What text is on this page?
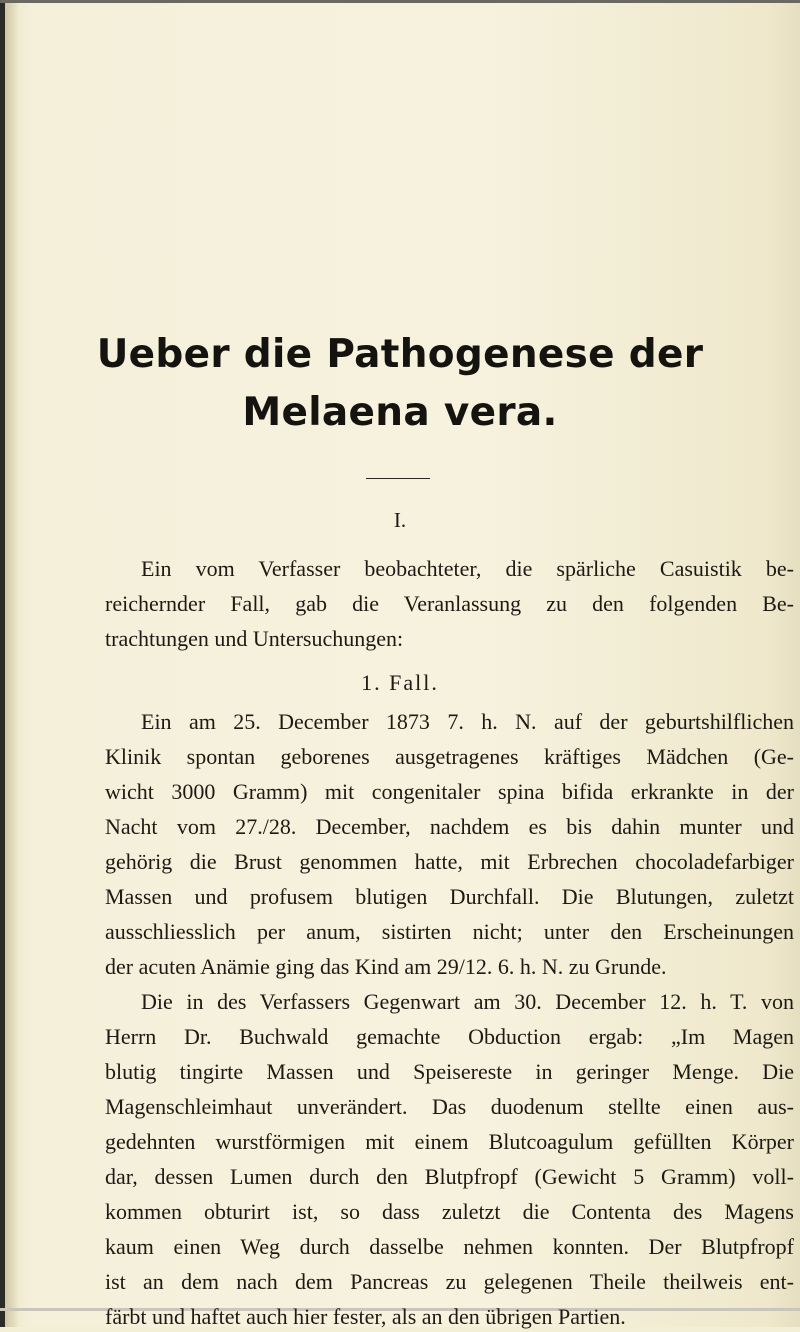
Ueber die Pathogenese der
Melaena vera.
I.
Ein vom Verfasser beobachteter, die spärliche Casuistik be-
reichernder Fall, gab die Veranlassung zu den folgenden Be-
trachtungen und Untersuchungen:
1. Fall.
Ein am 25. December 1873 7. h. N. auf der geburtshilflichen
Klinik spontan geborenes ausgetragenes kräftiges Mädchen (Ge-
wicht 3000 Gramm) mit congenitaler spina bifida erkrankte in der
Nacht vom 27./28. December, nachdem es bis dahin munter und
gehörig die Brust genommen hatte, mit Erbrechen chocoladefarbiger
Massen und profusem blutigen Durchfall. Die Blutungen, zuletzt
ausschliesslich per anum, sistirten nicht; unter den Erscheinungen
der acuten Anämie ging das Kind am 29/12. 6. h. N. zu Grunde.
Die in des Verfassers Gegenwart am 30. December 12. h. T. von
Herrn Dr. Buchwald gemachte Obduction ergab: „Im Magen
blutig tingirte Massen und Speisereste in geringer Menge. Die
Magenschleimhaut unverändert. Das duodenum stellte einen aus-
gedehnten wurstförmigen mit einem Blutcoagulum gefüllten Körper
dar, dessen Lumen durch den Blutpfropf (Gewicht 5 Gramm) voll-
kommen obturirt ist, so dass zuletzt die Contenta des Magens
kaum einen Weg durch dasselbe nehmen konnten. Der Blutpfropf
ist an dem nach dem Pancreas zu gelegenen Theile theilweis ent-
färbt und haftet auch hier fester, als an den übrigen Partien.
